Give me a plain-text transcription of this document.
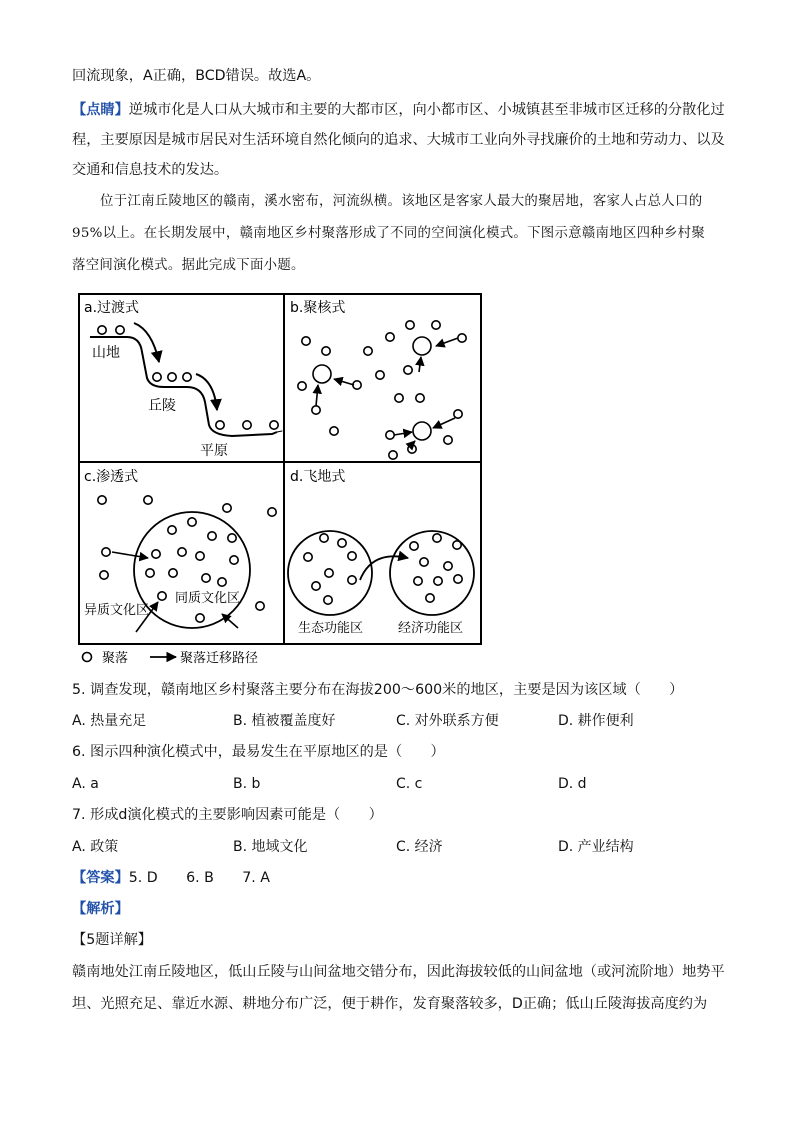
回流现象，A正确，BCD错误。故选A。
【点睛】逆城市化是人口从大城市和主要的大都市区，向小都市区、小城镇甚至非城市区迁移的分散化过
程，主要原因是城市居民对生活环境自然化倾向的追求、大城市工业向外寻找廉价的土地和劳动力、以及
交通和信息技术的发达。
位于江南丘陵地区的赣南，溪水密布，河流纵横。该地区是客家人最大的聚居地，客家人占总人口的
95%以上。在长期发展中，赣南地区乡村聚落形成了不同的空间演化模式。下图示意赣南地区四种乡村聚
落空间演化模式。据此完成下面小题。
a.过渡式
山地
丘陵
平原
b.聚核式
c.渗透式
异质文化区
同质文化区
d.飞地式
生态功能区	经济功能区
聚落	聚落迁移路径
5. 调查发现，赣南地区乡村聚落主要分布在海拔200～600米的地区，主要是因为该区域（　　）
A. 热量充足	B. 植被覆盖度好	C. 对外联系方便	D. 耕作便利
6. 图示四种演化模式中，最易发生在平原地区的是（　　）
A. a	B. b	C. c	D. d
7. 形成d演化模式的主要影响因素可能是（　　）
A. 政策	B. 地域文化	C. 经济	D. 产业结构
【答案】5. D　　6. B　　7. A
【解析】
【5题详解】
赣南地处江南丘陵地区，低山丘陵与山间盆地交错分布，因此海拔较低的山间盆地（或河流阶地）地势平
坦、光照充足、靠近水源、耕地分布广泛，便于耕作，发育聚落较多，D正确；低山丘陵海拔高度约为
